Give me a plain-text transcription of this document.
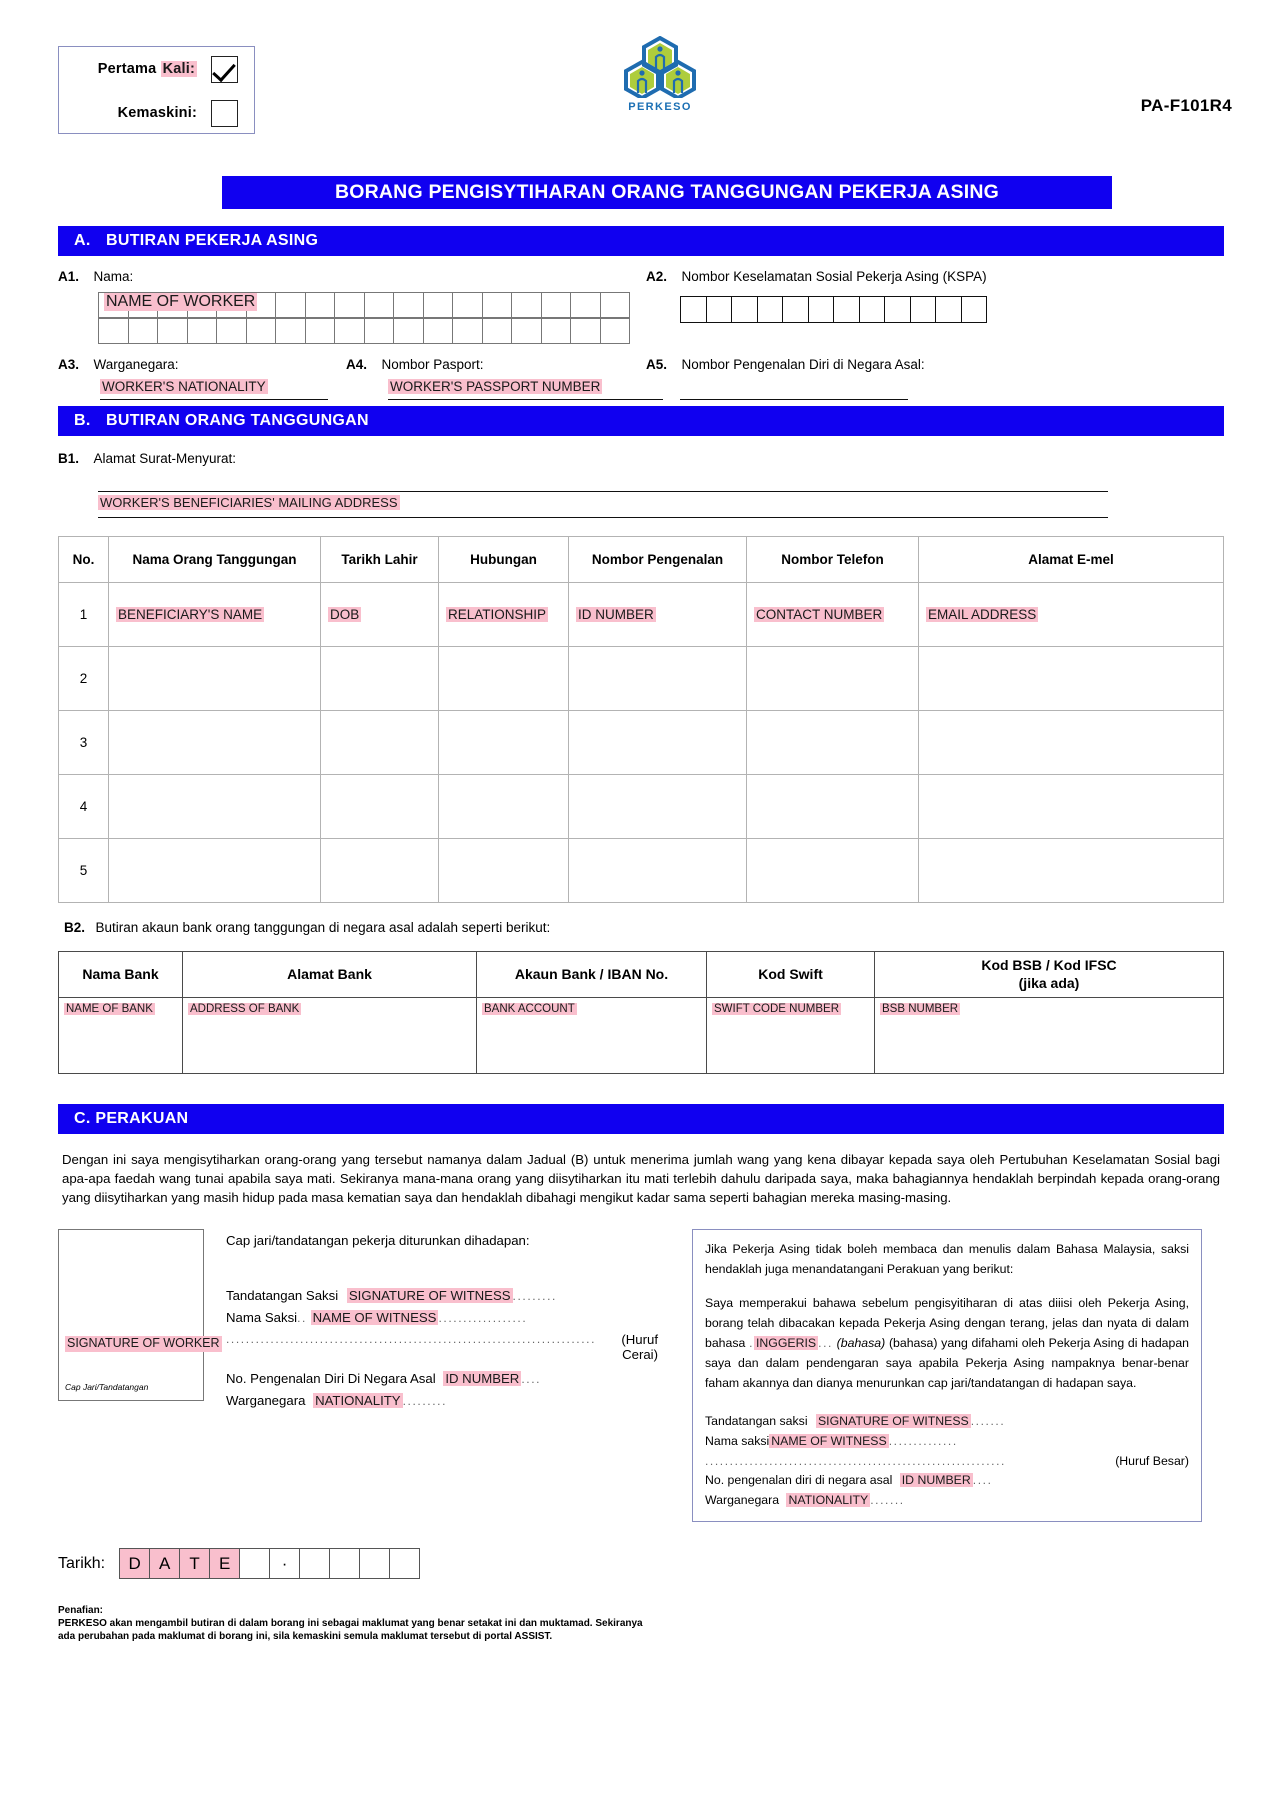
Pertama Kali:
Kemaskini:	PERKESO	PA-F101R4
BORANG PENGISYTIHARAN ORANG TANGGUNGAN PEKERJA ASING
A. BUTIRAN PEKERJA ASING
A1. Nama:
NAME OF WORKER
A2. Nombor Keselamatan Sosial Pekerja Asing (KSPA)
A3. Warganegara:
WORKER'S NATIONALITY
A4. Nombor Pasport:
WORKER'S PASSPORT NUMBER
A5. Nombor Pengenalan Diri di Negara Asal:
B. BUTIRAN ORANG TANGGUNGAN
B1. Alamat Surat-Menyurat:
WORKER'S BENEFICIARIES' MAILING ADDRESS
No.	Nama Orang Tanggungan	Tarikh Lahir	Hubungan	Nombor Pengenalan	Nombor Telefon	Alamat E-mel
1	BENEFICIARY'S NAME	DOB	RELATIONSHIP	ID NUMBER	CONTACT NUMBER	EMAIL ADDRESS
2						
3						
4						
5						
B2. Butiran akaun bank orang tanggungan di negara asal adalah seperti berikut:
Nama Bank	Alamat Bank	Akaun Bank / IBAN No.	Kod Swift	Kod BSB / Kod IFSC
(jika ada)
NAME OF BANK	ADDRESS OF BANK	BANK ACCOUNT	SWIFT CODE NUMBER	BSB NUMBER
C. PERAKUAN
Dengan ini saya mengisytiharkan orang-orang yang tersebut namanya dalam Jadual (B) untuk menerima jumlah wang yang kena dibayar kepada saya oleh Pertubuhan Keselamatan Sosial bagi apa-apa faedah wang tunai apabila saya mati. Sekiranya mana-mana orang yang diisytiharkan itu mati terlebih dahulu daripada saya, maka bahagiannya hendaklah berpindah kepada orang-orang yang diisytiharkan yang masih hidup pada masa kematian saya dan hendaklah dibahagi mengikut kadar sama seperti bahagian mereka masing-masing.
SIGNATURE OF WORKER
Cap Jari/Tandatangan
Cap jari/tandatangan pekerja diturunkan dihadapan:
Tandatangan Saksi SIGNATURE OF WITNESS .........
Nama Saksi.. NAME OF WITNESS ..................
........................................................................... (Huruf Cerai)
No. Pengenalan Diri Di Negara Asal ID NUMBER ....
Warganegara NATIONALITY .........
Jika Pekerja Asing tidak boleh membaca dan menulis dalam Bahasa Malaysia, saksi hendaklah juga menandatangani Perakuan yang berikut:
Saya memperakui bahawa sebelum pengisyitiharan di atas diiisi oleh Pekerja Asing, borang telah dibacakan kepada Pekerja Asing dengan terang, jelas dan nyata di dalam bahasa . INGGERIS ... (bahasa) (bahasa) yang difahami oleh Pekerja Asing di hadapan saya dan dalam pendengaran saya apabila Pekerja Asing nampaknya benar-benar faham akannya dan dianya menurunkan cap jari/tandatangan di hadapan saya.
Tandatangan saksi SIGNATURE OF WITNESS .......
Nama saksi NAME OF WITNESS ..............
.............................................................	(Huruf Besar)
No. pengenalan diri di negara asal ID NUMBER ....
Warganegara NATIONALITY .......
Tarikh:	D	A	T	E	·
Penafian:
PERKESO akan mengambil butiran di dalam borang ini sebagai maklumat yang benar setakat ini dan muktamad. Sekiranya ada perubahan pada maklumat di borang ini, sila kemaskini semula maklumat tersebut di portal ASSIST.
